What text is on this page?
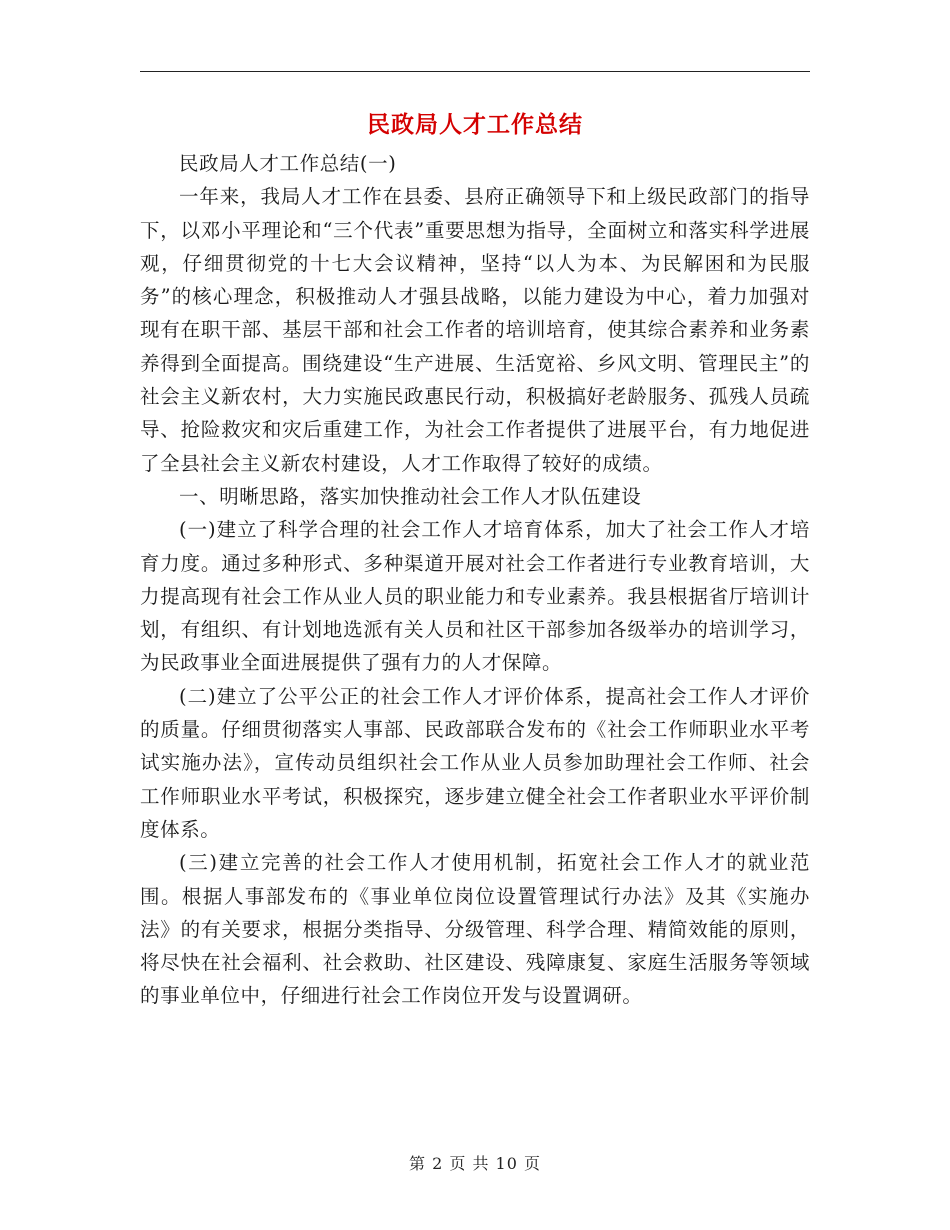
民政局人才工作总结

民政局人才工作总结(一)

一年来，我局人才工作在县委、县府正确领导下和上级民政部门的指导下，以邓小平理论和“三个代表”重要思想为指导，全面树立和落实科学进展观，仔细贯彻党的十七大会议精神，坚持“以人为本、为民解困和为民服务”的核心理念，积极推动人才强县战略，以能力建设为中心，着力加强对现有在职干部、基层干部和社会工作者的培训培育，使其综合素养和业务素养得到全面提高。围绕建设“生产进展、生活宽裕、乡风文明、管理民主”的社会主义新农村，大力实施民政惠民行动，积极搞好老龄服务、孤残人员疏导、抢险救灾和灾后重建工作，为社会工作者提供了进展平台，有力地促进了全县社会主义新农村建设，人才工作取得了较好的成绩。

一、明晰思路，落实加快推动社会工作人才队伍建设

(一)建立了科学合理的社会工作人才培育体系，加大了社会工作人才培育力度。通过多种形式、多种渠道开展对社会工作者进行专业教育培训，大力提高现有社会工作从业人员的职业能力和专业素养。我县根据省厅培训计划，有组织、有计划地选派有关人员和社区干部参加各级举办的培训学习，为民政事业全面进展提供了强有力的人才保障。

(二)建立了公平公正的社会工作人才评价体系，提高社会工作人才评价的质量。仔细贯彻落实人事部、民政部联合发布的《社会工作师职业水平考试实施办法》，宣传动员组织社会工作从业人员参加助理社会工作师、社会工作师职业水平考试，积极探究，逐步建立健全社会工作者职业水平评价制度体系。

(三)建立完善的社会工作人才使用机制，拓宽社会工作人才的就业范围。根据人事部发布的《事业单位岗位设置管理试行办法》及其《实施办法》的有关要求，根据分类指导、分级管理、科学合理、精简效能的原则，将尽快在社会福利、社会救助、社区建设、残障康复、家庭生活服务等领域的事业单位中，仔细进行社会工作岗位开发与设置调研。

第 2 页 共 10 页
